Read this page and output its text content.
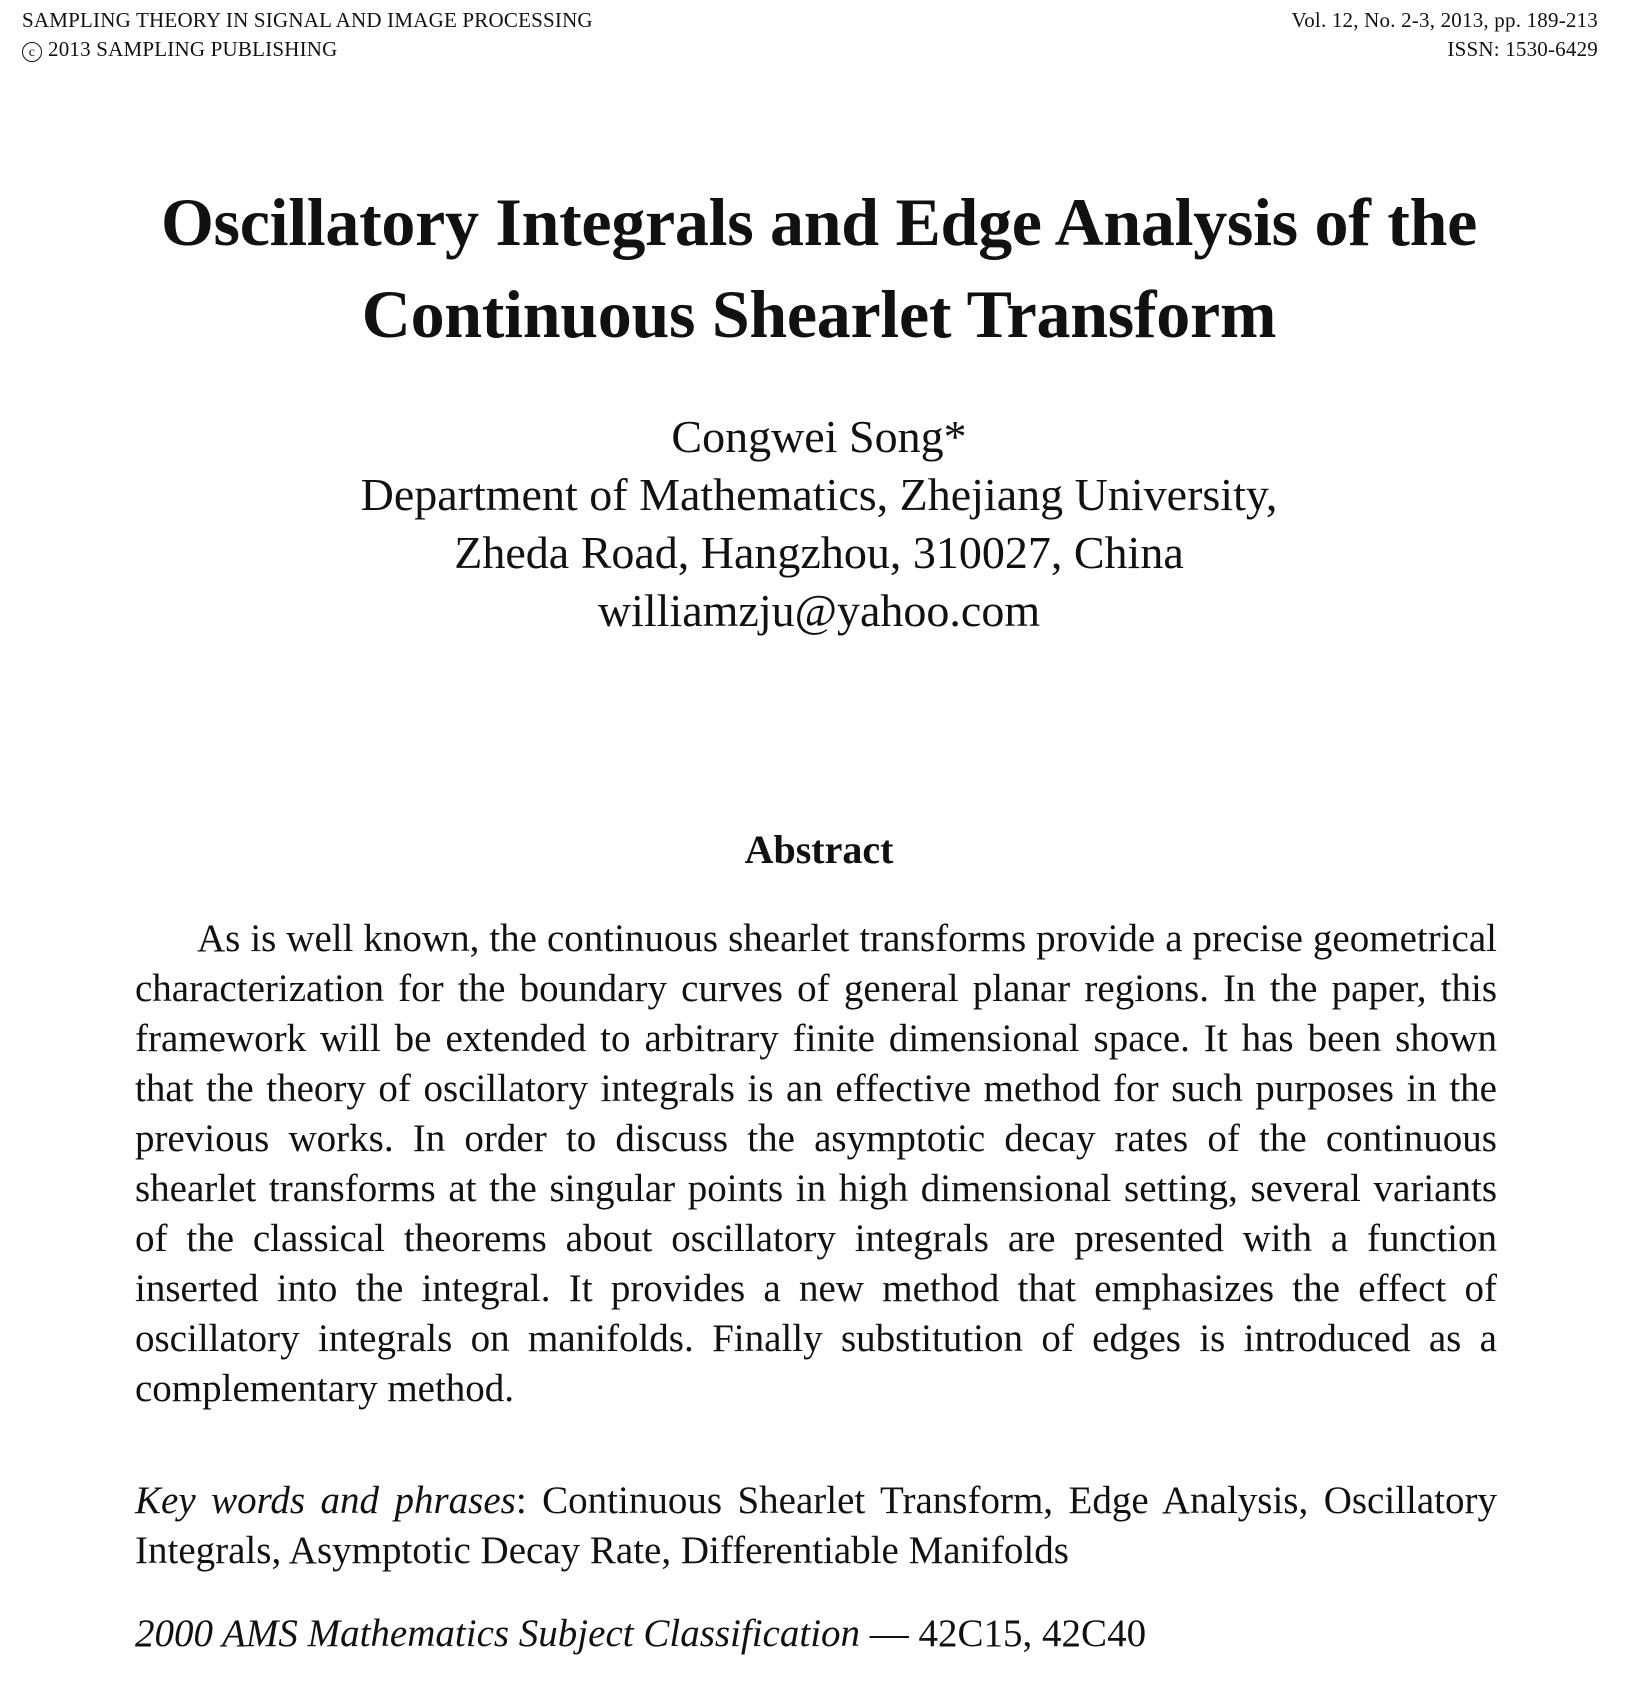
SAMPLING THEORY IN SIGNAL AND IMAGE PROCESSING
c 2013 SAMPLING PUBLISHING
Vol. 12, No. 2-3, 2013, pp. 189-213
ISSN: 1530-6429
Oscillatory Integrals and Edge Analysis of the
Continuous Shearlet Transform
Congwei Song*
Department of Mathematics, Zhejiang University,
Zheda Road, Hangzhou, 310027, China
williamzju@yahoo.com
Abstract

As is well known, the continuous shearlet transforms provide a precise geometrical characterization for the boundary curves of general planar regions. In the paper, this framework will be extended to arbitrary finite dimensional space. It has been shown that the theory of oscillatory integrals is an effective method for such purposes in the previous works. In order to discuss the asymptotic decay rates of the continuous shearlet transforms at the singular points in high dimensional setting, several variants of the classical theorems about oscillatory integrals are presented with a function inserted into the integral. It provides a new method that emphasizes the effect of oscillatory integrals on manifolds. Finally substitution of edges is introduced as a complementary method.

Key words and phrases: Continuous Shearlet Transform, Edge Analysis, Oscillatory Integrals, Asymptotic Decay Rate, Differentiable Manifolds

2000 AMS Mathematics Subject Classification — 42C15, 42C40
